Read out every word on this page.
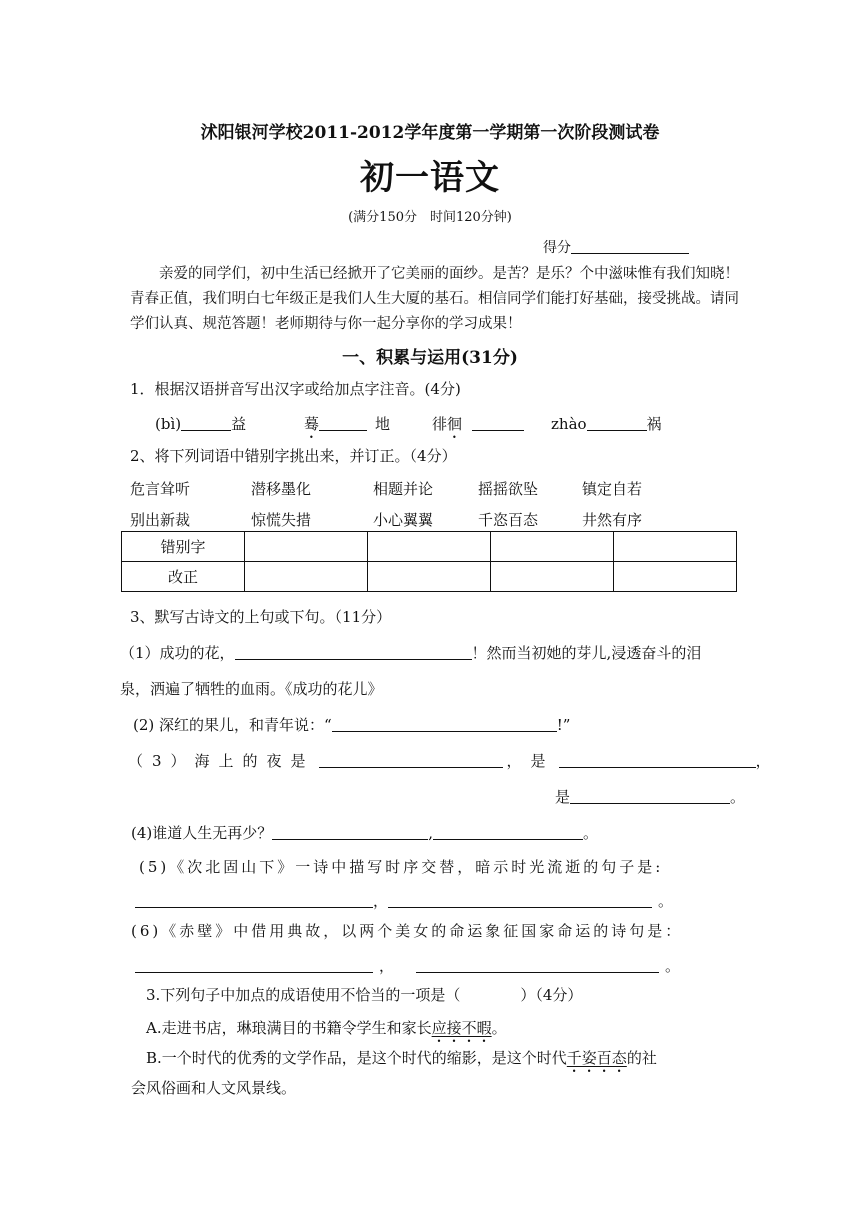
沭阳银河学校2011-2012学年度第一学期第一次阶段测试卷
初一语文
(满分150分　时间120分钟)
得分
亲爱的同学们，初中生活已经掀开了它美丽的面纱。是苦？是乐？个中滋味惟有我们知晓！青春正值，我们明白七年级正是我们人生大厦的基石。相信同学们能打好基础，接受挑战。请同学们认真、规范答题！老师期待与你一起分享你的学习成果！
一、积累与运用(31分)
1．根据汉语拼音写出汉字或给加点字注音。(4分)
(bì)	益	蓦	地	徘徊	zhào	祸
2、将下列词语中错别字挑出来，并订正。（4分）
危言耸听	潜移墨化	相题并论	摇摇欲坠	镇定自若
别出新裁	惊慌失措	小心翼翼	千恣百态	井然有序
错别字				
改正				
3、默写古诗文的上句或下句。（11分）
（1）成功的花，	！然而当初她的芽儿,浸透奋斗的泪
泉，洒遍了牺牲的血雨。《成功的花儿》
(2) 深红的果儿，和青年说：“	!”
（3）海上的夜是	，是	，
是	。
(4)谁道人生无再少？	,	。
(5)《次北固山下》一诗中描写时序交替，暗示时光流逝的句子是:
，	。
(6)《赤壁》中借用典故，以两个美女的命运象征国家命运的诗句是：
，	。
3.下列句子中加点的成语使用不恰当的一项是（　　　　）（4分）
A.走进书店，琳琅满目的书籍令学生和家长应接不暇。
B.一个时代的优秀的文学作品，是这个时代的缩影，是这个时代千姿百态的社
会风俗画和人文风景线。
